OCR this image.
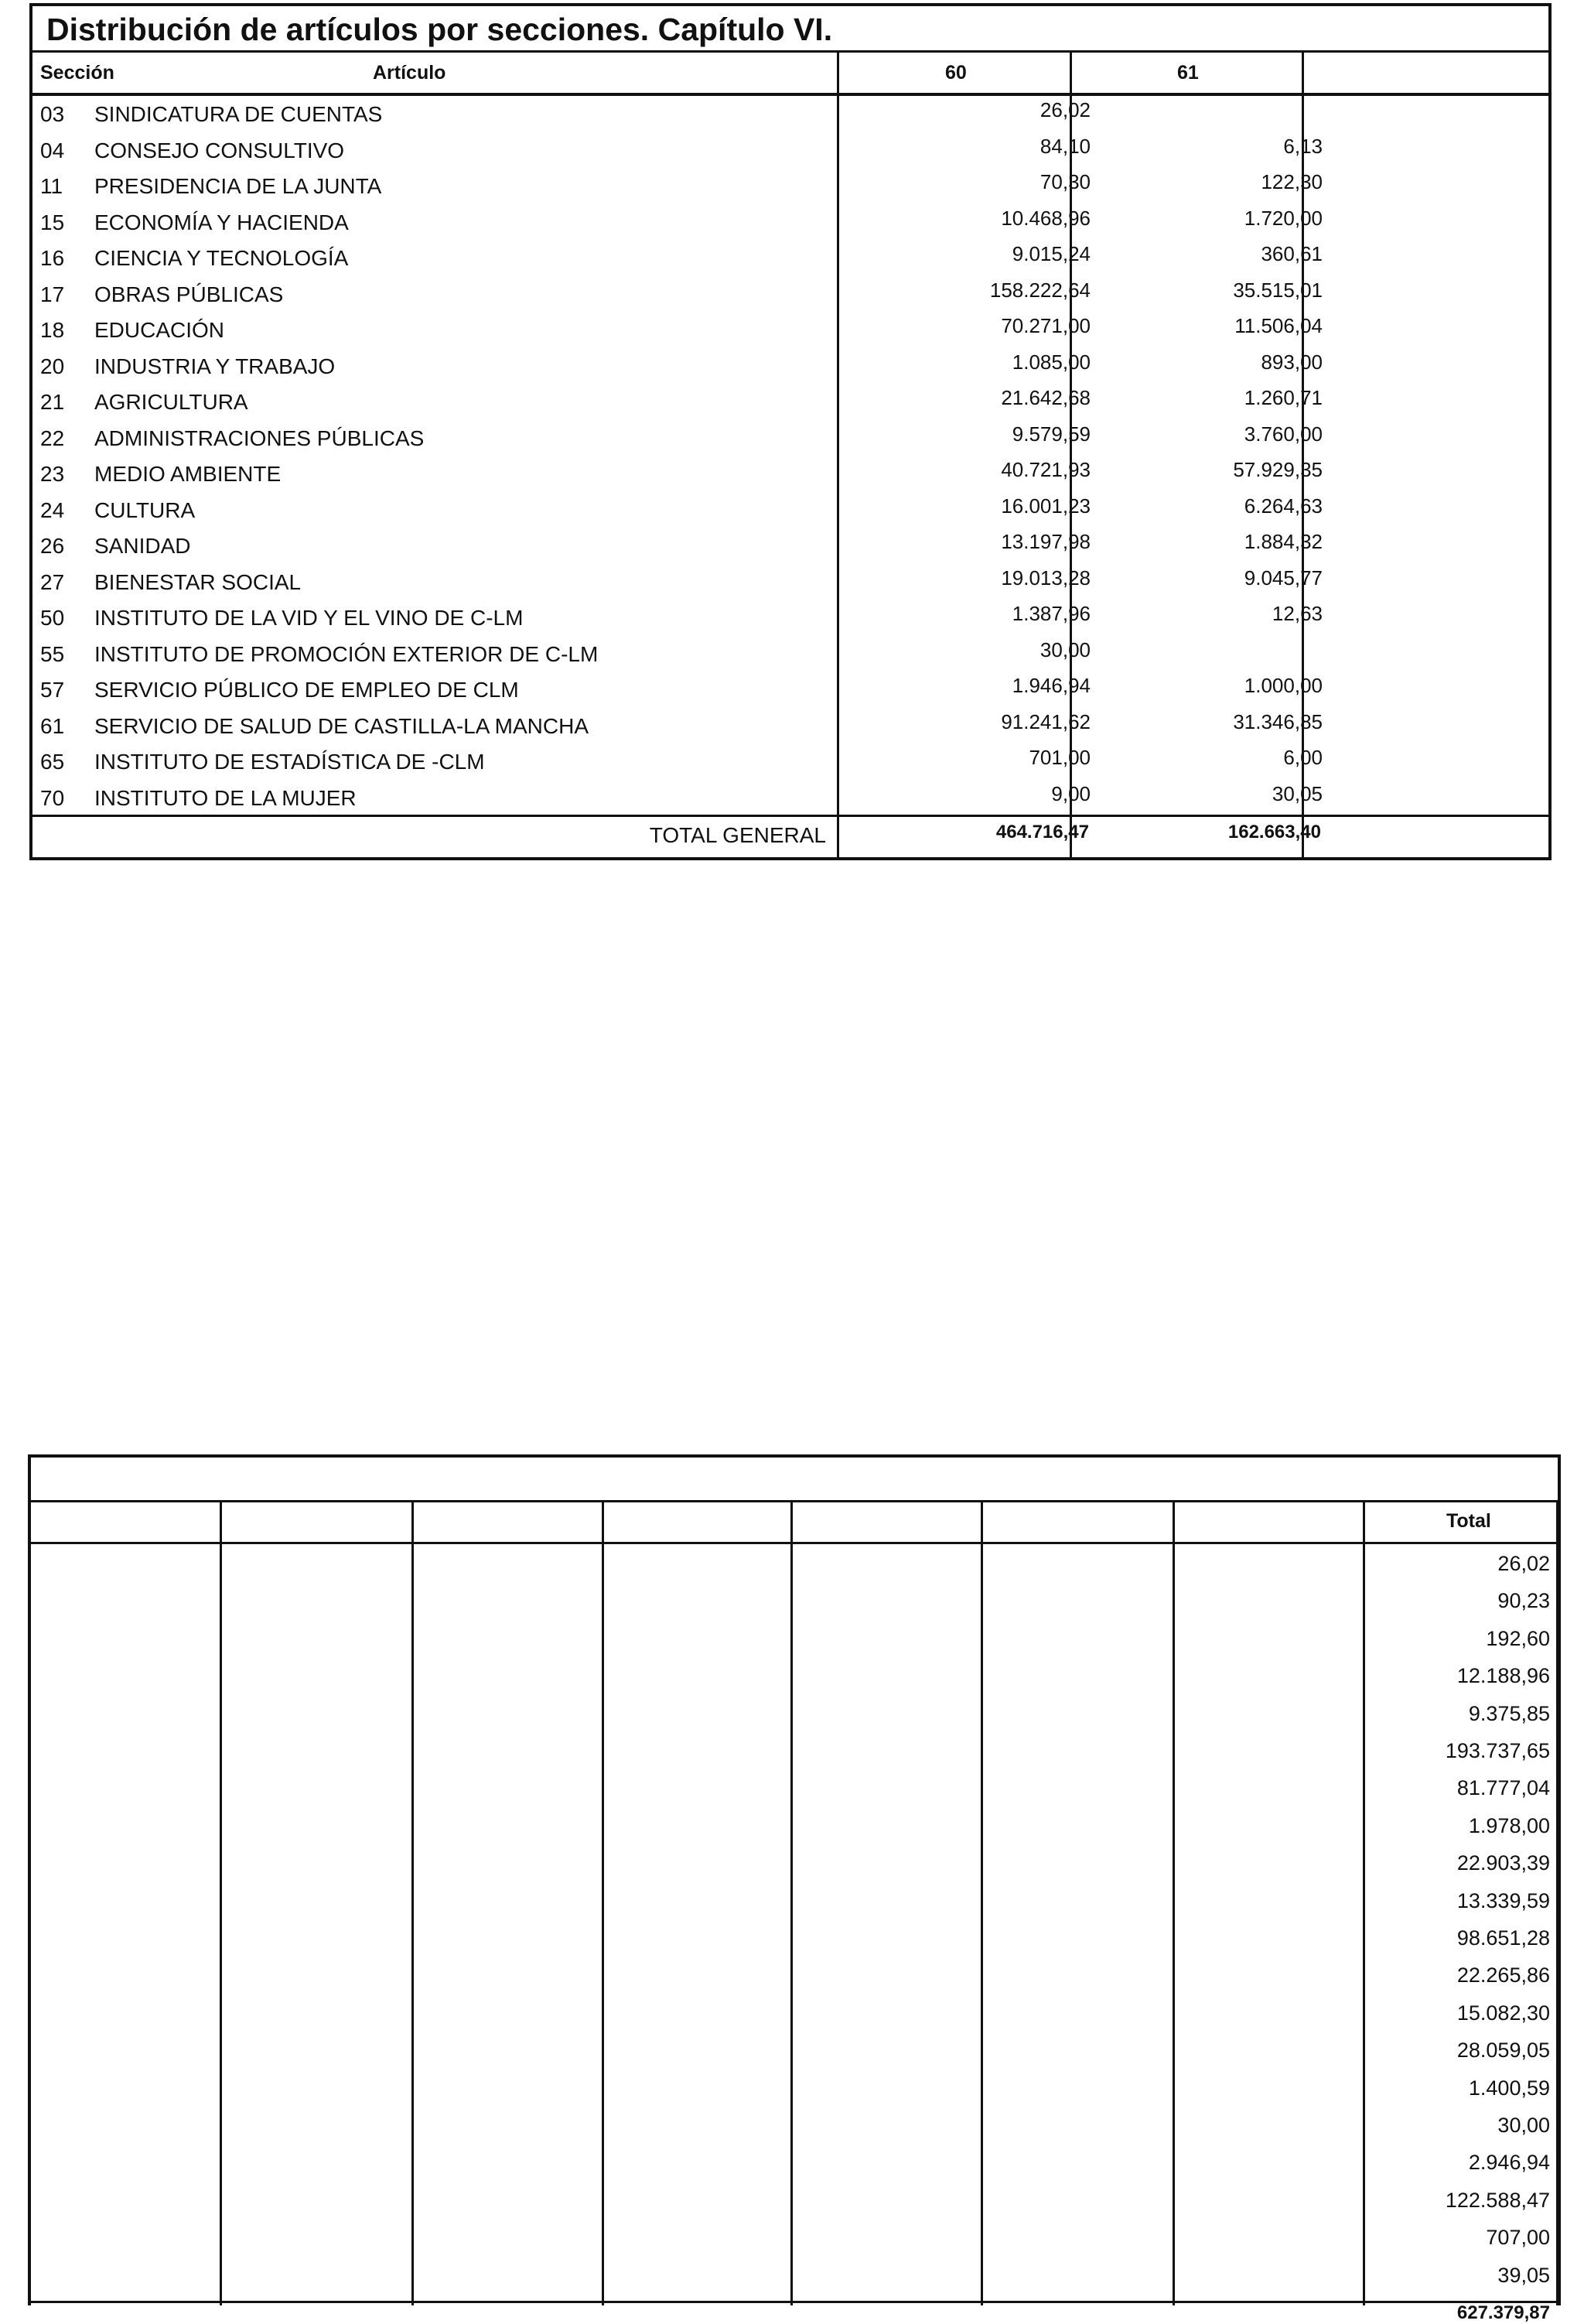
Distribución de artículos por secciones. Capítulo VI.
Sección	Artículo	60	61
03 SINDICATURA DE CUENTAS	26,02
04 CONSEJO CONSULTIVO	84,10	6,13
11 PRESIDENCIA DE LA JUNTA	70,30	122,30
15 ECONOMÍA Y HACIENDA	10.468,96	1.720,00
16 CIENCIA Y TECNOLOGÍA	9.015,24	360,61
17 OBRAS PÚBLICAS	158.222,64	35.515,01
18 EDUCACIÓN	70.271,00	11.506,04
20 INDUSTRIA Y TRABAJO	1.085,00	893,00
21 AGRICULTURA	21.642,68	1.260,71
22 ADMINISTRACIONES PÚBLICAS	9.579,59	3.760,00
23 MEDIO AMBIENTE	40.721,93	57.929,35
24 CULTURA	16.001,23	6.264,63
26 SANIDAD	13.197,98	1.884,32
27 BIENESTAR SOCIAL	19.013,28	9.045,77
50 INSTITUTO DE LA VID Y EL VINO DE C-LM	1.387,96	12,63
55 INSTITUTO DE PROMOCIÓN EXTERIOR DE C-LM	30,00
57 SERVICIO PÚBLICO DE EMPLEO DE CLM	1.946,94	1.000,00
61 SERVICIO DE SALUD DE CASTILLA-LA MANCHA	91.241,62	31.346,85
65 INSTITUTO DE ESTADÍSTICA DE -CLM	701,00	6,00
70 INSTITUTO DE LA MUJER	9,00	30,05
TOTAL GENERAL	464.716,47	162.663,40
Total
26,02
90,23
192,60
12.188,96
9.375,85
193.737,65
81.777,04
1.978,00
22.903,39
13.339,59
98.651,28
22.265,86
15.082,30
28.059,05
1.400,59
30,00
2.946,94
122.588,47
707,00
39,05
627.379,87
